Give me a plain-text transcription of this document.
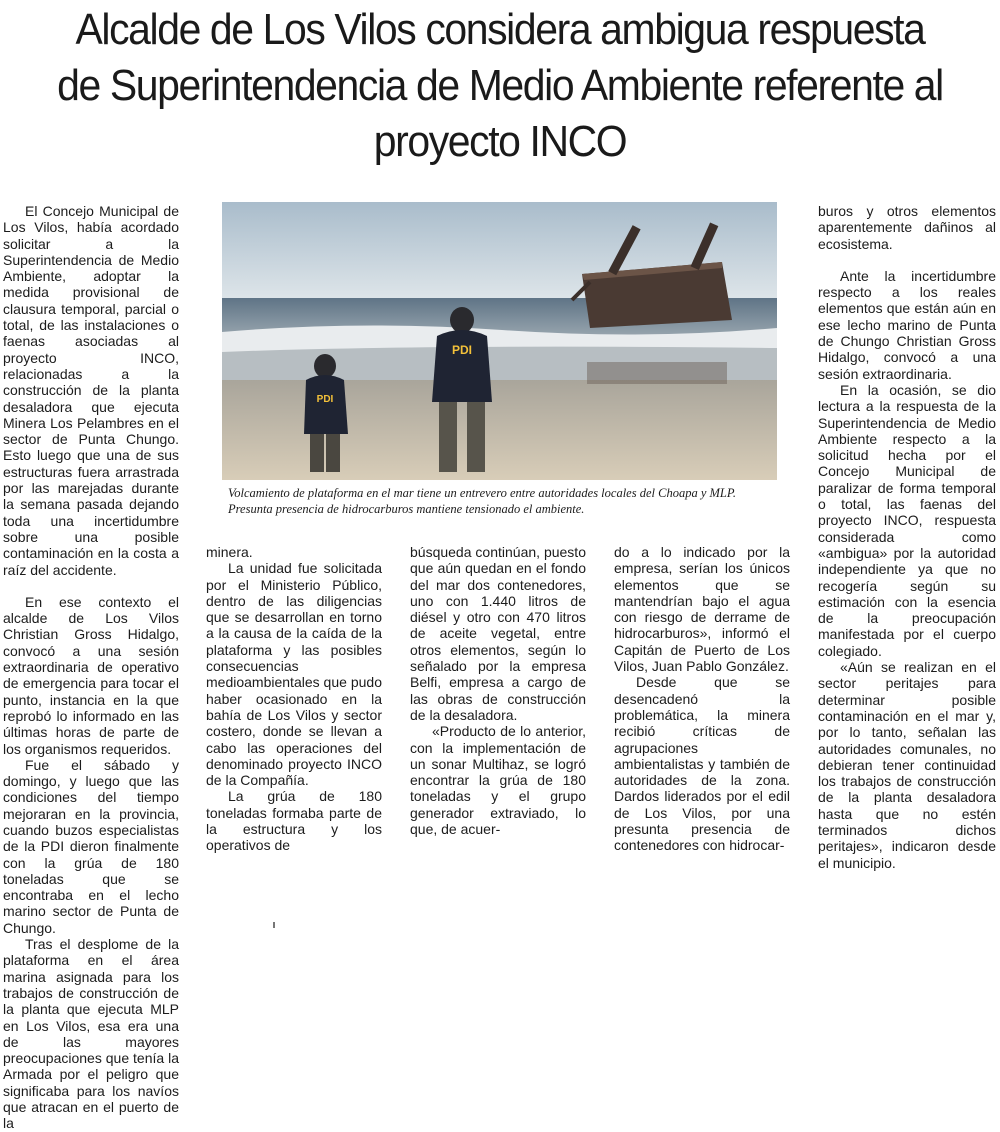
Alcalde de Los Vilos considera ambigua respuesta de Superintendencia de Medio Ambiente referente al proyecto INCO

El Concejo Municipal de Los Vilos, había acordado solicitar a la Superintendencia de Medio Ambiente, adoptar la medida provisional de clausura temporal, parcial o total, de las instalaciones o faenas asociadas al proyecto INCO, relacionadas a la construcción de la planta desaladora que ejecuta Minera Los Pelambres en el sector de Punta Chungo. Esto luego que una de sus estructuras fuera arrastrada por las marejadas durante la semana pasada dejando toda una incertidumbre sobre una posible contaminación en la costa a raíz del accidente.

En ese contexto el alcalde de Los Vilos Christian Gross Hidalgo, convocó a una sesión extraordinaria de operativo de emergencia para tocar el punto, instancia en la que reprobó lo informado en las últimas horas de parte de los organismos requeridos.

Fue el sábado y domingo, y luego que las condiciones del tiempo mejoraran en la provincia, cuando buzos especialistas de la PDI dieron finalmente con la grúa de 180 toneladas que se encontraba en el lecho marino sector de Punta de Chungo.

Tras el desplome de la plataforma en el área marina asignada para los trabajos de construcción de la planta que ejecuta MLP en Los Vilos, esa era una de las mayores preocupaciones que tenía la Armada por el peligro que significaba para los navíos que atracan en el puerto de la

PDI
PDI
Volcamiento de plataforma en el mar tiene un entrevero entre autoridades locales del Choapa y MLP. Presunta presencia de hidrocarburos mantiene tensionado el ambiente.

minera.

La unidad fue solicitada por el Ministerio Público, dentro de las diligencias que se desarrollan en torno a la causa de la caída de la plataforma y las posibles consecuencias medioambientales que pudo haber ocasionado en la bahía de Los Vilos y sector costero, donde se llevan a cabo las operaciones del denominado proyecto INCO de la Compañía.

La grúa de 180 toneladas formaba parte de la estructura y los operativos de

búsqueda continúan, puesto que aún quedan en el fondo del mar dos contenedores, uno con 1.440 litros de diésel y otro con 470 litros de aceite vegetal, entre otros elementos, según lo señalado por la empresa Belfi, empresa a cargo de las obras de construcción de la desaladora.

«Producto de lo anterior, con la implementación de un sonar Multihaz, se logró encontrar la grúa de 180 toneladas y el grupo generador extraviado, lo que, de acuer-

do a lo indicado por la empresa, serían los únicos elementos que se mantendrían bajo el agua con riesgo de derrame de hidrocarburos», informó el Capitán de Puerto de Los Vilos, Juan Pablo González.

Desde que se desencadenó la problemática, la minera recibió críticas de agrupaciones ambientalistas y también de autoridades de la zona. Dardos liderados por el edil de Los Vilos, por una presunta presencia de contenedores con hidrocar-

buros y otros elementos aparentemente dañinos al ecosistema.

Ante la incertidumbre respecto a los reales elementos que están aún en ese lecho marino de Punta de Chungo Christian Gross Hidalgo, convocó a una sesión extraordinaria.

En la ocasión, se dio lectura a la respuesta de la Superintendencia de Medio Ambiente respecto a la solicitud hecha por el Concejo Municipal de paralizar de forma temporal o total, las faenas del proyecto INCO, respuesta considerada como «ambigua» por la autoridad independiente ya que no recogería según su estimación con la esencia de la preocupación manifestada por el cuerpo colegiado.

«Aún se realizan en el sector peritajes para determinar posible contaminación en el mar y, por lo tanto, señalan las autoridades comunales, no debieran tener continuidad los trabajos de construcción de la planta desaladora hasta que no estén terminados dichos peritajes», indicaron desde el municipio.
